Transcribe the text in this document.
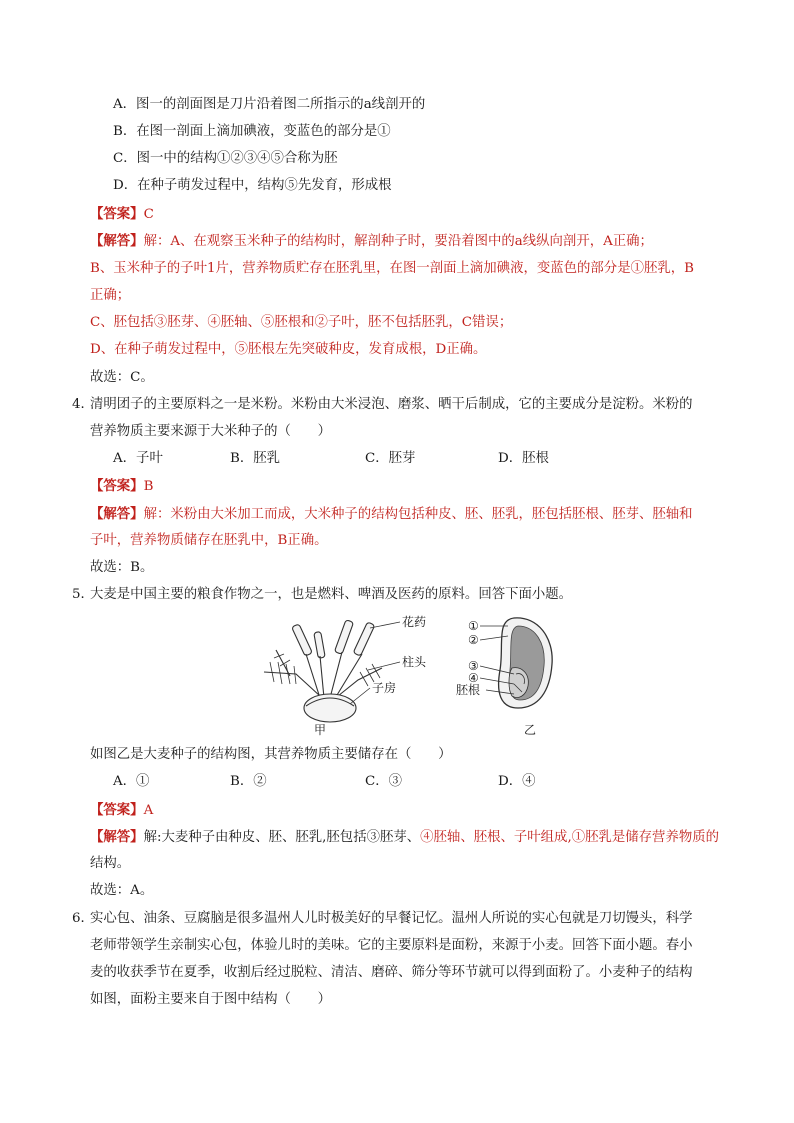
A．图一的剖面图是刀片沿着图二所指示的a线剖开的
B．在图一剖面上滴加碘液，变蓝色的部分是①
C．图一中的结构①②③④⑤合称为胚
D．在种子萌发过程中，结构⑤先发育，形成根
【答案】C
【解答】解：A、在观察玉米种子的结构时，解剖种子时，要沿着图中的a线纵向剖开，A正确；
B、玉米种子的子叶1片，营养物质贮存在胚乳里，在图一剖面上滴加碘液，变蓝色的部分是①胚乳，B
正确；
C、胚包括③胚芽、④胚轴、⑤胚根和②子叶，胚不包括胚乳，C错误；
D、在种子萌发过程中，⑤胚根左先突破种皮，发育成根，D正确。
故选：C。
4．
清明团子的主要原料之一是米粉。米粉由大米浸泡、磨浆、晒干后制成，它的主要成分是淀粉。米粉的
营养物质主要来源于大米种子的（　　）
A．子叶	B．胚乳	C．胚芽	D．胚根
【答案】B
【解答】解：米粉由大米加工而成，大米种子的结构包括种皮、胚、胚乳，胚包括胚根、胚芽、胚轴和
子叶，营养物质储存在胚乳中，B正确。
故选：B。
5．
大麦是中国主要的粮食作物之一，也是燃料、啤酒及医药的原料。回答下面小题。
花药
柱头
子房
甲
①
②
③
④
胚根
乙
如图乙是大麦种子的结构图，其营养物质主要储存在（　　）
A．①	B．②	C．③	D．④
【答案】A
【解答】解:大麦种子由种皮、胚、胚乳,胚包括③胚芽、④胚轴、胚根、子叶组成,①胚乳是储存营养物质的
结构。
故选：A。
6．
实心包、油条、豆腐脑是很多温州人儿时极美好的早餐记忆。温州人所说的实心包就是刀切馒头，科学
老师带领学生亲制实心包，体验儿时的美味。它的主要原料是面粉，来源于小麦。回答下面小题。春小
麦的收获季节在夏季，收割后经过脱粒、清洁、磨碎、筛分等环节就可以得到面粉了。小麦种子的结构
如图，面粉主要来自于图中结构（　　）
